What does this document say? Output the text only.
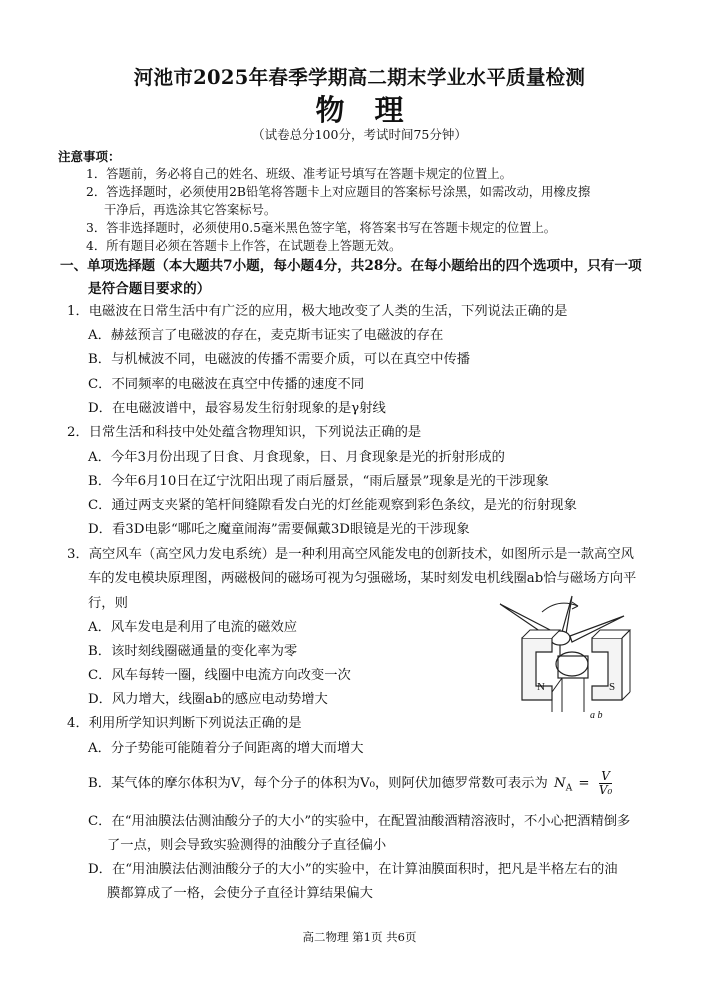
河池市2025年春季学期高二期末学业水平质量检测
物理
（试卷总分100分，考试时间75分钟）
注意事项：
1．答题前，务必将自己的姓名、班级、准考证号填写在答题卡规定的位置上。
2．答选择题时，必须使用2B铅笔将答题卡上对应题目的答案标号涂黑，如需改动，用橡皮擦
干净后，再选涂其它答案标号。
3．答非选择题时，必须使用0.5毫米黑色签字笔，将答案书写在答题卡规定的位置上。
4．所有题目必须在答题卡上作答，在试题卷上答题无效。
一、单项选择题（本大题共7小题，每小题4分，共28分。在每小题给出的四个选项中，只有一项
是符合题目要求的）
1．电磁波在日常生活中有广泛的应用，极大地改变了人类的生活，下列说法正确的是
A．赫兹预言了电磁波的存在，麦克斯韦证实了电磁波的存在
B．与机械波不同，电磁波的传播不需要介质，可以在真空中传播
C．不同频率的电磁波在真空中传播的速度不同
D．在电磁波谱中，最容易发生衍射现象的是γ射线
2．日常生活和科技中处处蕴含物理知识，下列说法正确的是
A．今年3月份出现了日食、月食现象，日、月食现象是光的折射形成的
B．今年6月10日在辽宁沈阳出现了雨后蜃景，“雨后蜃景”现象是光的干涉现象
C．通过两支夹紧的笔杆间缝隙看发白光的灯丝能观察到彩色条纹，是光的衍射现象
D．看3D电影“哪吒之魔童闹海”需要佩戴3D眼镜是光的干涉现象
3．高空风车（高空风力发电系统）是一种利用高空风能发电的创新技术，如图所示是一款高空风
车的发电模块原理图，两磁极间的磁场可视为匀强磁场，某时刻发电机线圈ab恰与磁场方向平
行，则
A．风车发电是利用了电流的磁效应
B．该时刻线圈磁通量的变化率为零
C．风车每转一圈，线圈中电流方向改变一次
D．风力增大，线圈ab的感应电动势增大
N	S
a b
4．利用所学知识判断下列说法正确的是
A．分子势能可能随着分子间距离的增大而增大
B．某气体的摩尔体积为V，每个分子的体积为V₀，则阿伏加德罗常数可表示为 $N_A = \frac{V}{\text{V₀}}$
C．在“用油膜法估测油酸分子的大小”的实验中，在配置油酸酒精溶液时，不小心把酒精倒多
了一点，则会导致实验测得的油酸分子直径偏小
D．在“用油膜法估测油酸分子的大小”的实验中，在计算油膜面积时，把凡是半格左右的油
膜都算成了一格，会使分子直径计算结果偏大
高二物理 第1页 共6页
